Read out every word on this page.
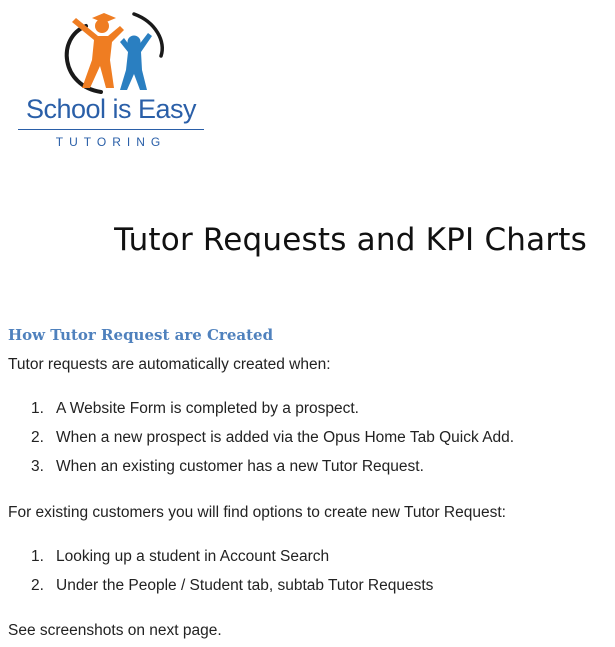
School is Easy
TUTORING
Tutor Requests and KPI Charts
How Tutor Request are Created

Tutor requests are automatically created when:

1. A Website Form is completed by a prospect.
2. When a new prospect is added via the Opus Home Tab Quick Add.
3. When an existing customer has a new Tutor Request.

For existing customers you will find options to create new Tutor Request:

1. Looking up a student in Account Search
2. Under the People / Student tab, subtab Tutor Requests

See screenshots on next page.
